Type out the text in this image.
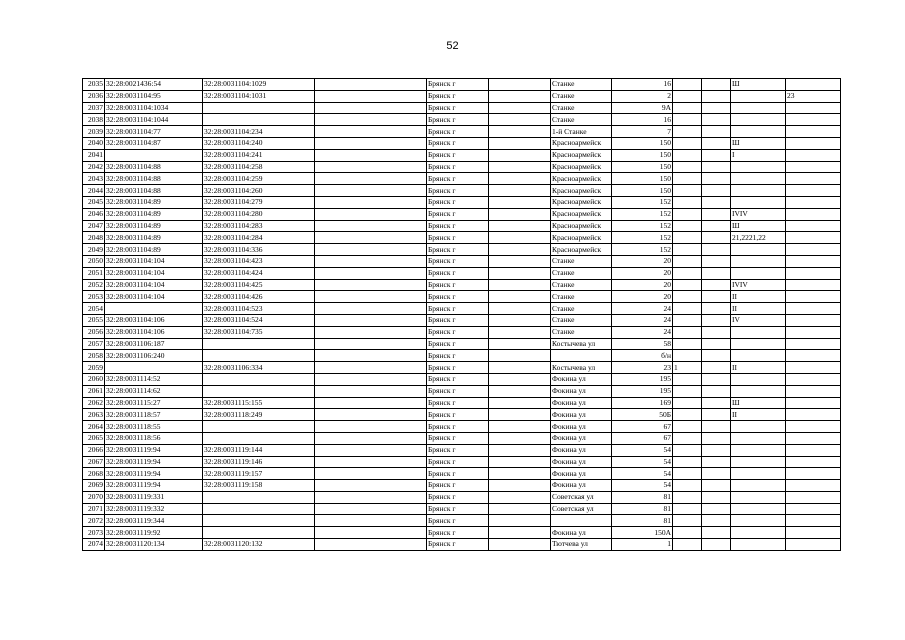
52
2035	32:28:0021436:54	32:28:0031104:1029		Брянск г		Станке	16			Ш	
2036	32:28:0031104:95	32:28:0031104:1031		Брянск г		Станке	2				23
2037	32:28:0031104:1034			Брянск г		Станке	9А				
2038	32:28:0031104:1044			Брянск г		Станке	16				
2039	32:28:0031104:77	32:28:0031104:234		Брянск г		1-й Станке	7				
2040	32:28:0031104:87	32:28:0031104:240		Брянск г		Красноармейск	150			Ш	
2041		32:28:0031104:241		Брянск г		Красноармейск	150			I	
2042	32:28:0031104:88	32:28:0031104:258		Брянск г		Красноармейск	150				
2043	32:28:0031104:88	32:28:0031104:259		Брянск г		Красноармейск	150				
2044	32:28:0031104:88	32:28:0031104:260		Брянск г		Красноармейск	150				
2045	32:28:0031104:89	32:28:0031104:279		Брянск г		Красноармейск	152				
2046	32:28:0031104:89	32:28:0031104:280		Брянск г		Красноармейск	152			IVIV	
2047	32:28:0031104:89	32:28:0031104:283		Брянск г		Красноармейск	152			Ш	
2048	32:28:0031104:89	32:28:0031104:284		Брянск г		Красноармейск	152			21,2221,22	
2049	32:28:0031104:89	32:28:0031104:336		Брянск г		Красноармейск	152				
2050	32:28:0031104:104	32:28:0031104:423		Брянск г		Станке	20				
2051	32:28:0031104:104	32:28:0031104:424		Брянск г		Станке	20				
2052	32:28:0031104:104	32:28:0031104:425		Брянск г		Станке	20			IVIV	
2053	32:28:0031104:104	32:28:0031104:426		Брянск г		Станке	20			II	
2054		32:28:0031104:523		Брянск г		Станке	24			II	
2055	32:28:0031104:106	32:28:0031104:524		Брянск г		Станке	24			IV	
2056	32:28:0031104:106	32:28:0031104:735		Брянск г		Станке	24				
2057	32:28:0031106:187			Брянск г		Костычева ул	58				
2058	32:28:0031106:240			Брянск г			б/н				
2059		32:28:0031106:334		Брянск г		Костычева ул	23	1		II	
2060	32:28:0031114:52			Брянск г		Фокина ул	195				
2061	32:28:0031114:62			Брянск г		Фокина ул	195				
2062	32:28:0031115:27	32:28:0031115:155		Брянск г		Фокина ул	169			Ш	
2063	32:28:0031118:57	32:28:0031118:249		Брянск г		Фокина ул	50Б			II	
2064	32:28:0031118:55			Брянск г		Фокина ул	67				
2065	32:28:0031118:56			Брянск г		Фокина ул	67				
2066	32:28:0031119:94	32:28:0031119:144		Брянск г		Фокина ул	54				
2067	32:28:0031119:94	32:28:0031119:146		Брянск г		Фокина ул	54				
2068	32:28:0031119:94	32:28:0031119:157		Брянск г		Фокина ул	54				
2069	32:28:0031119:94	32:28:0031119:158		Брянск г		Фокина ул	54				
2070	32:28:0031119:331			Брянск г		Советская ул	81				
2071	32:28:0031119:332			Брянск г		Советская ул	81				
2072	32:28:0031119:344			Брянск г			81				
2073	32:28:0031119:92			Брянск г		Фокина ул	150А				
2074	32:28:0031120:134	32:28:0031120:132		Брянск г		Тютчева ул	1				
